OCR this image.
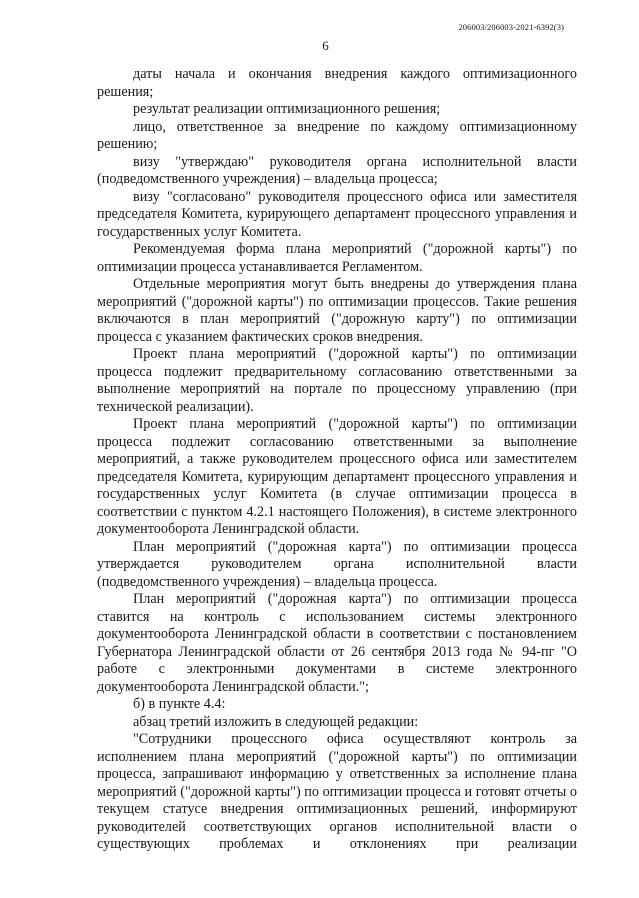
206003/206003-2021-6392(3)
6

даты начала и окончания внедрения каждого оптимизационного решения;

результат реализации оптимизационного решения;

лицо, ответственное за внедрение по каждому оптимизационному решению;

визу "утверждаю" руководителя органа исполнительной власти (подведомственного учреждения) – владельца процесса;

визу "согласовано" руководителя процессного офиса или заместителя председателя Комитета, курирующего департамент процессного управления и государственных услуг Комитета.

Рекомендуемая форма плана мероприятий ("дорожной карты") по оптимизации процесса устанавливается Регламентом.

Отдельные мероприятия могут быть внедрены до утверждения плана мероприятий ("дорожной карты") по оптимизации процессов. Такие решения включаются в план мероприятий ("дорожную карту") по оптимизации процесса с указанием фактических сроков внедрения.

Проект плана мероприятий ("дорожной карты") по оптимизации процесса подлежит предварительному согласованию ответственными за выполнение мероприятий на портале по процессному управлению (при технической реализации).

Проект плана мероприятий ("дорожной карты") по оптимизации процесса подлежит согласованию ответственными за выполнение мероприятий, а также руководителем процессного офиса или заместителем председателя Комитета, курирующим департамент процессного управления и государственных услуг Комитета (в случае оптимизации процесса в соответствии с пунктом 4.2.1 настоящего Положения), в системе электронного документооборота Ленинградской области.

План мероприятий ("дорожная карта") по оптимизации процесса утверждается руководителем органа исполнительной власти (подведомственного учреждения) – владельца процесса.

План мероприятий ("дорожная карта") по оптимизации процесса ставится на контроль с использованием системы электронного документооборота Ленинградской области в соответствии с постановлением Губернатора Ленинградской области от 26 сентября 2013 года № 94-пг "О работе с электронными документами в системе электронного документооборота Ленинградской области.";

б) в пункте 4.4:

абзац третий изложить в следующей редакции:

"Сотрудники процессного офиса осуществляют контроль за исполнением плана мероприятий ("дорожной карты") по оптимизации процесса, запрашивают информацию у ответственных за исполнение плана мероприятий ("дорожной карты") по оптимизации процесса и готовят отчеты о текущем статусе внедрения оптимизационных решений, информируют руководителей соответствующих органов исполнительной власти о существующих проблемах и отклонениях при реализации
